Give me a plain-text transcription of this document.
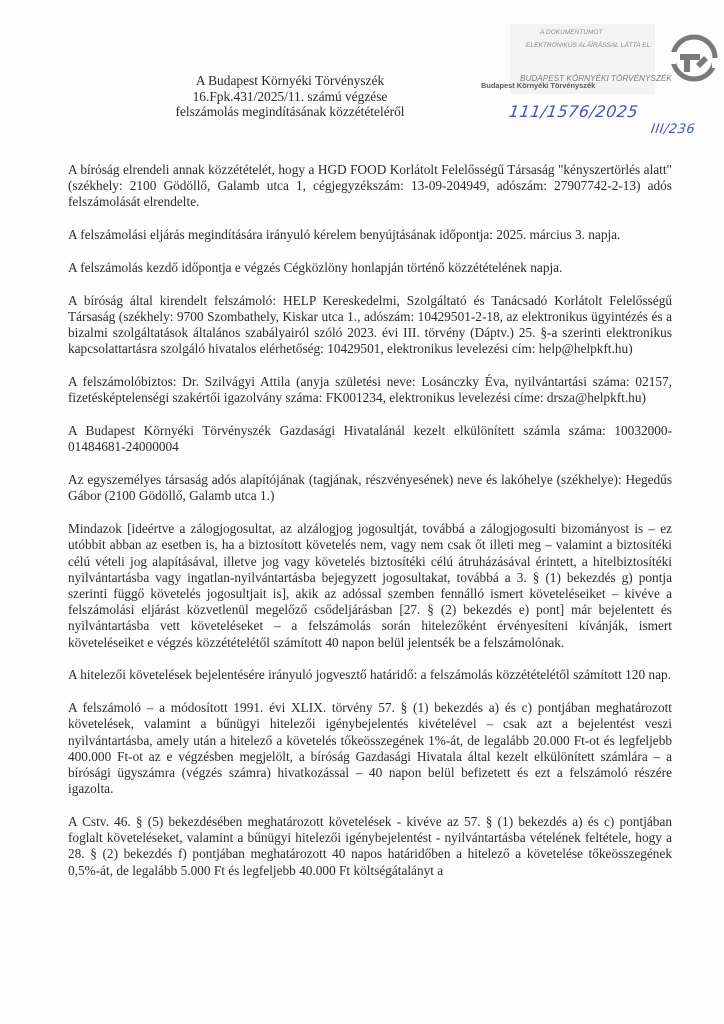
A Budapest Környéki Törvényszék
16.Fpk.431/2025/11. számú végzése
felszámolás megindításának közzétételéről
A DOKUMENTUMOT
ELEKTRONIKUS ALÁÍRÁSSAL LÁTTA EL:
BUDAPEST KÖRNYÉKI TÖRVÉNYSZÉK
Budapest Környéki Törvényszék
111/1576/2025
III/236

A bíróság elrendeli annak közzétételét, hogy a HGD FOOD Korlátolt Felelősségű Társaság "kényszertörlés alatt" (székhely: 2100 Gödöllő, Galamb utca 1, cégjegyzékszám: 13-09-204949, adószám: 27907742-2-13) adós felszámolását elrendelte.

A felszámolási eljárás megindítására irányuló kérelem benyújtásának időpontja: 2025. március 3. napja.

A felszámolás kezdő időpontja e végzés Cégközlöny honlapján történő közzétételének napja.

A bíróság által kirendelt felszámoló: HELP Kereskedelmi, Szolgáltató és Tanácsadó Korlátolt Felelősségű Társaság (székhely: 9700 Szombathely, Kiskar utca 1., adószám: 10429501-2-18, az elektronikus ügyintézés és a bizalmi szolgáltatások általános szabályairól szóló 2023. évi III. törvény (Dáptv.) 25. §-a szerinti elektronikus kapcsolattartásra szolgáló hivatalos elérhetőség: 10429501, elektronikus levelezési cím: help@helpkft.hu)

A felszámolóbiztos: Dr. Szilvágyi Attila (anyja születési neve: Losánczky Éva, nyilvántartási száma: 02157, fizetésképtelenségi szakértői igazolvány száma: FK001234, elektronikus levelezési címe: drsza@helpkft.hu)

A Budapest Környéki Törvényszék Gazdasági Hivatalánál kezelt elkülönített számla száma: 10032000-01484681-24000004

Az egyszemélyes társaság adós alapítójának (tagjának, részvényesének) neve és lakóhelye (székhelye): Hegedűs Gábor (2100 Gödöllő, Galamb utca 1.)

Mindazok [ideértve a zálogjogosultat, az alzálogjog jogosultját, továbbá a zálogjogosulti bizományost is – ez utóbbit abban az esetben is, ha a biztosított követelés nem, vagy nem csak őt illeti meg – valamint a biztosítéki célú vételi jog alapításával, illetve jog vagy követelés biztosítéki célú átruházásával érintett, a hitelbiztosítéki nyilvántartásba vagy ingatlan-nyilvántartásba bejegyzett jogosultakat, továbbá a 3. § (1) bekezdés g) pontja szerinti függő követelés jogosultjait is], akik az adóssal szemben fennálló ismert követeléseiket – kivéve a felszámolási eljárást közvetlenül megelőző csődeljárásban [27. § (2) bekezdés e) pont] már bejelentett és nyilvántartásba vett követeléseket – a felszámolás során hitelezőként érvényesíteni kívánják, ismert követeléseiket e végzés közzétételétől számított 40 napon belül jelentsék be a felszámolónak.

A hitelezői követelések bejelentésére irányuló jogvesztő határidő: a felszámolás közzétételétől számított 120 nap.

A felszámoló – a módosított 1991. évi XLIX. törvény 57. § (1) bekezdés a) és c) pontjában meghatározott követelések, valamint a bűnügyi hitelezői igénybejelentés kivételével – csak azt a bejelentést veszi nyilvántartásba, amely után a hitelező a követelés tőkeösszegének 1%-át, de legalább 20.000 Ft-ot és legfeljebb 400.000 Ft-ot az e végzésben megjelölt, a bíróság Gazdasági Hivatala által kezelt elkülönített számlára – a bírósági ügyszámra (végzés számra) hivatkozással – 40 napon belül befizetett és ezt a felszámoló részére igazolta.

A Cstv. 46. § (5) bekezdésében meghatározott követelések - kivéve az 57. § (1) bekezdés a) és c) pontjában foglalt követeléseket, valamint a bűnügyi hitelezői igénybejelentést - nyilvántartásba vételének feltétele, hogy a 28. § (2) bekezdés f) pontjában meghatározott 40 napos határidőben a hitelező a követelése tőkeösszegének 0,5%-át, de legalább 5.000 Ft és legfeljebb 40.000 Ft költségátalányt a
